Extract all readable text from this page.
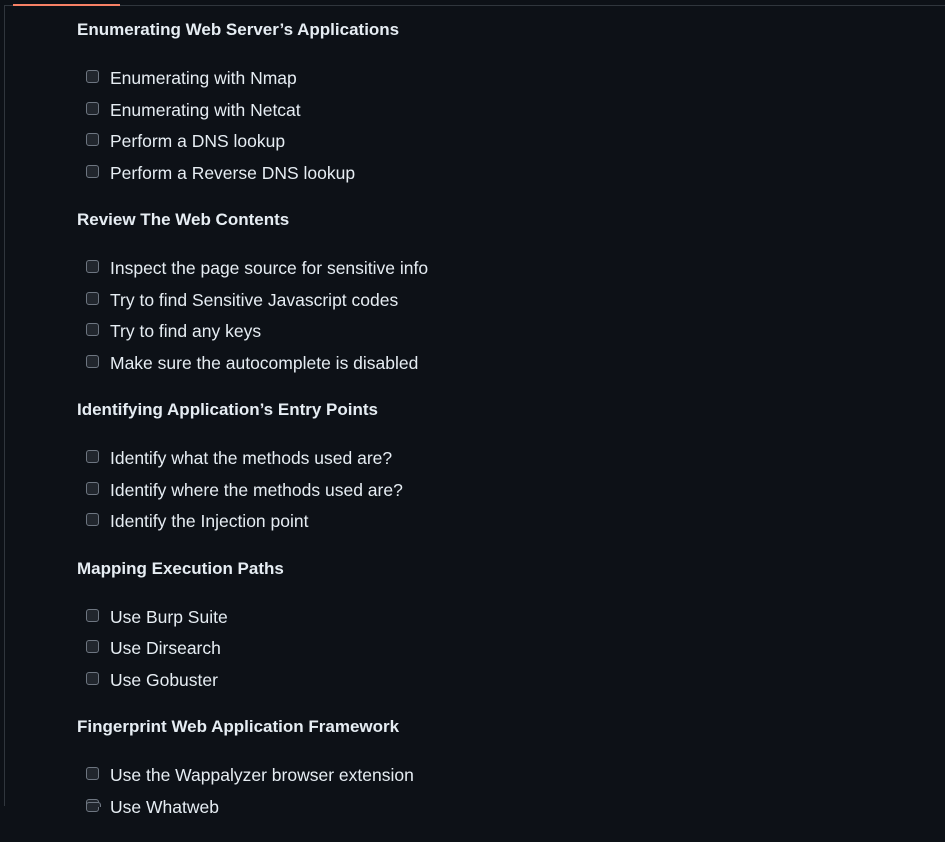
Enumerating Web Server’s Applications
Enumerating with Nmap
Enumerating with Netcat
Perform a DNS lookup
Perform a Reverse DNS lookup
Review The Web Contents
Inspect the page source for sensitive info
Try to find Sensitive Javascript codes
Try to find any keys
Make sure the autocomplete is disabled
Identifying Application’s Entry Points
Identify what the methods used are?
Identify where the methods used are?
Identify the Injection point
Mapping Execution Paths
Use Burp Suite
Use Dirsearch
Use Gobuster
Fingerprint Web Application Framework
Use the Wappalyzer browser extension
Use Whatweb
